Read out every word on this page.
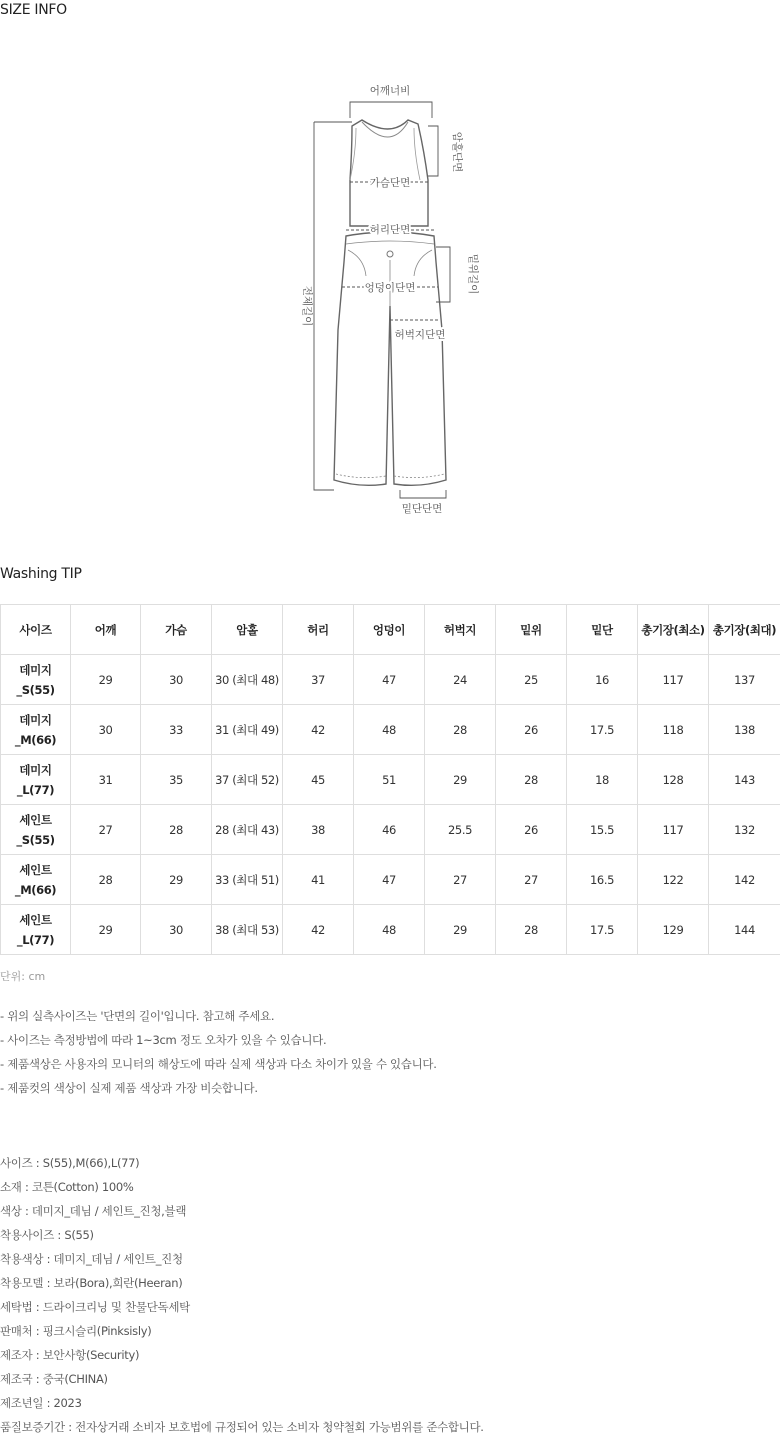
SIZE INFO
어깨너비
암홀단면
가슴단면
허리단면
밑위길이
엉덩이단면
허벅지단면
전체길이
밑단단면
Washing TIP
사이즈	어깨	가슴	암홀	허리	엉덩이	허벅지	밑위	밑단	총기장(최소)	총기장(최대)
데미지_S(55)	29	30	30 (최대 48)	37	47	24	25	16	117	137
데미지
_M(66)	30	33	31 (최대 49)	42	48	28	26	17.5	118	138
데미지_L(77)	31	35	37 (최대 52)	45	51	29	28	18	128	143
세인트_S(55)	27	28	28 (최대 43)	38	46	25.5	26	15.5	117	132
세인트
_M(66)	28	29	33 (최대 51)	41	47	27	27	16.5	122	142
세인트_L(77)	29	30	38 (최대 53)	42	48	29	28	17.5	129	144
단위: cm
- 위의 실측사이즈는 '단면의 길이'입니다. 참고해 주세요.
- 사이즈는 측정방법에 따라 1~3cm 정도 오차가 있을 수 있습니다.
- 제품색상은 사용자의 모니터의 해상도에 따라 실제 색상과 다소 차이가 있을 수 있습니다.
- 제품컷의 색상이 실제 제품 색상과 가장 비슷합니다.
사이즈 : S(55),M(66),L(77)
소재 : 코튼(Cotton) 100%
색상 : 데미지_데님 / 세인트_진청,블랙
착용사이즈 : S(55)
착용색상 : 데미지_데님 / 세인트_진청
착용모델 : 보라(Bora),희란(Heeran)
세탁법 : 드라이크리닝 및 찬물단독세탁
판매처 : 핑크시슬리(Pinksisly)
제조자 : 보안사항(Security)
제조국 : 중국(CHINA)
제조년일 : 2023
품질보증기간 : 전자상거래 소비자 보호법에 규정되어 있는 소비자 청약철회 가능범위를 준수합니다.
